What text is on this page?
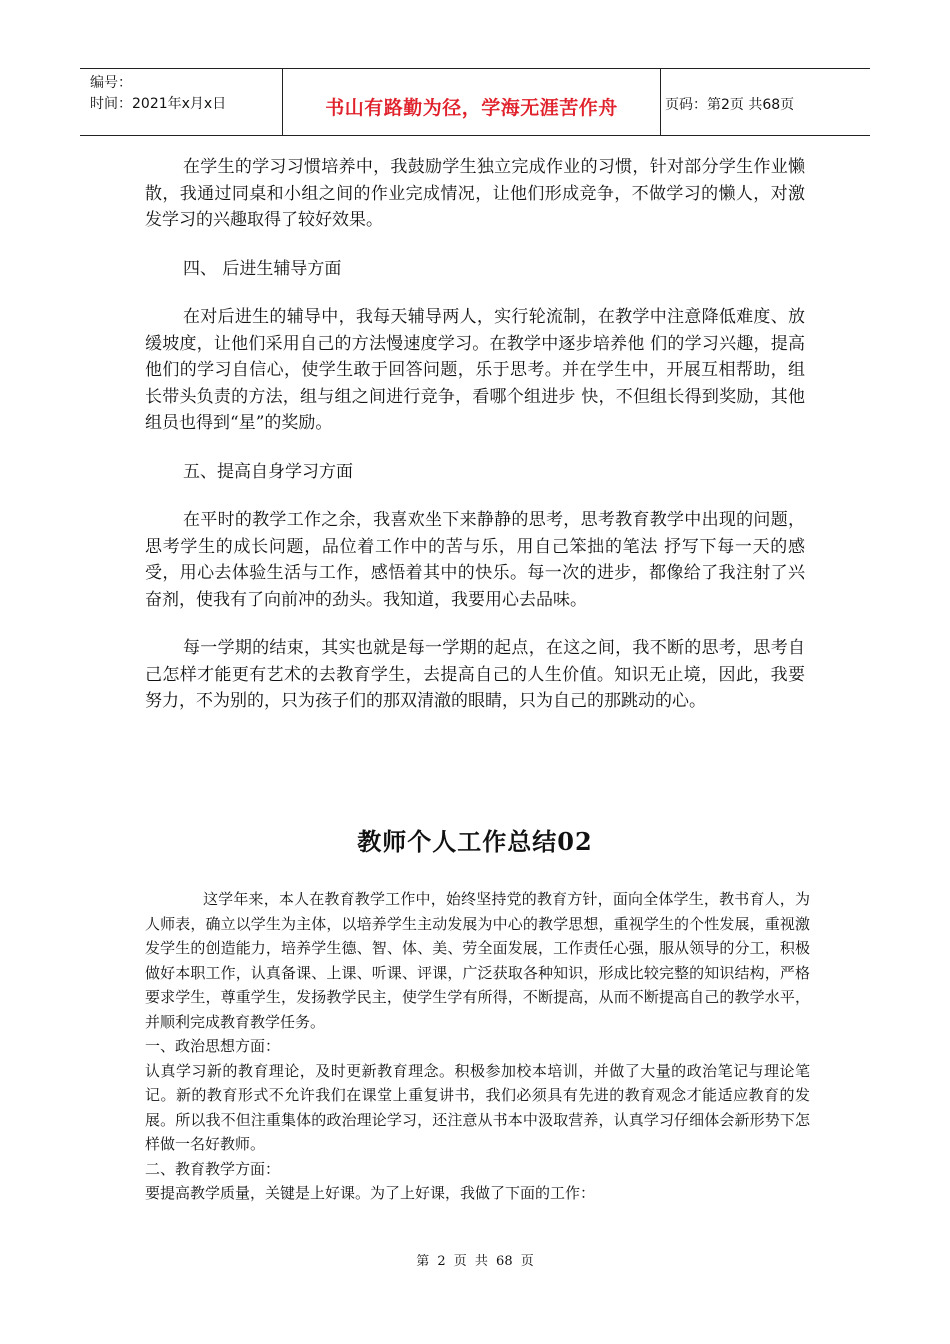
编号：
时间：2021年x月x日	书山有路勤为径，学海无涯苦作舟	页码：第2页 共68页

在学生的学习习惯培养中，我鼓励学生独立完成作业的习惯，针对部分学生作业懒散，我通过同桌和小组之间的作业完成情况，让他们形成竞争，不做学习的懒人，对激发学习的兴趣取得了较好效果。

四、 后进生辅导方面

在对后进生的辅导中，我每天辅导两人，实行轮流制，在教学中注意降低难度、放缓坡度，让他们采用自己的方法慢速度学习。在教学中逐步培养他 们的学习兴趣，提高他们的学习自信心，使学生敢于回答问题，乐于思考。并在学生中，开展互相帮助，组长带头负责的方法，组与组之间进行竞争，看哪个组进步 快，不但组长得到奖励，其他组员也得到“星”的奖励。

五、提高自身学习方面

在平时的教学工作之余，我喜欢坐下来静静的思考，思考教育教学中出现的问题，思考学生的成长问题，品位着工作中的苦与乐，用自己笨拙的笔法 抒写下每一天的感受，用心去体验生活与工作，感悟着其中的快乐。每一次的进步，都像给了我注射了兴奋剂，使我有了向前冲的劲头。我知道，我要用心去品味。

每一学期的结束，其实也就是每一学期的起点，在这之间，我不断的思考，思考自己怎样才能更有艺术的去教育学生，去提高自己的人生价值。知识无止境，因此，我要努力，不为别的，只为孩子们的那双清澈的眼睛，只为自己的那跳动的心。

教师个人工作总结02

这学年来，本人在教育教学工作中，始终坚持党的教育方针，面向全体学生，教书育人，为人师表，确立以学生为主体，以培养学生主动发展为中心的教学思想，重视学生的个性发展，重视激发学生的创造能力，培养学生德、智、体、美、劳全面发展，工作责任心强，服从领导的分工，积极做好本职工作，认真备课、上课、听课、评课，广泛获取各种知识，形成比较完整的知识结构，严格要求学生，尊重学生，发扬教学民主，使学生学有所得，不断提高，从而不断提高自己的教学水平，并顺利完成教育教学任务。

一、政治思想方面：

认真学习新的教育理论，及时更新教育理念。积极参加校本培训，并做了大量的政治笔记与理论笔记。新的教育形式不允许我们在课堂上重复讲书，我们必须具有先进的教育观念才能适应教育的发展。所以我不但注重集体的政治理论学习，还注意从书本中汲取营养，认真学习仔细体会新形势下怎样做一名好教师。

二、教育教学方面：

要提高教学质量，关键是上好课。为了上好课，我做了下面的工作：

第 2 页 共 68 页
